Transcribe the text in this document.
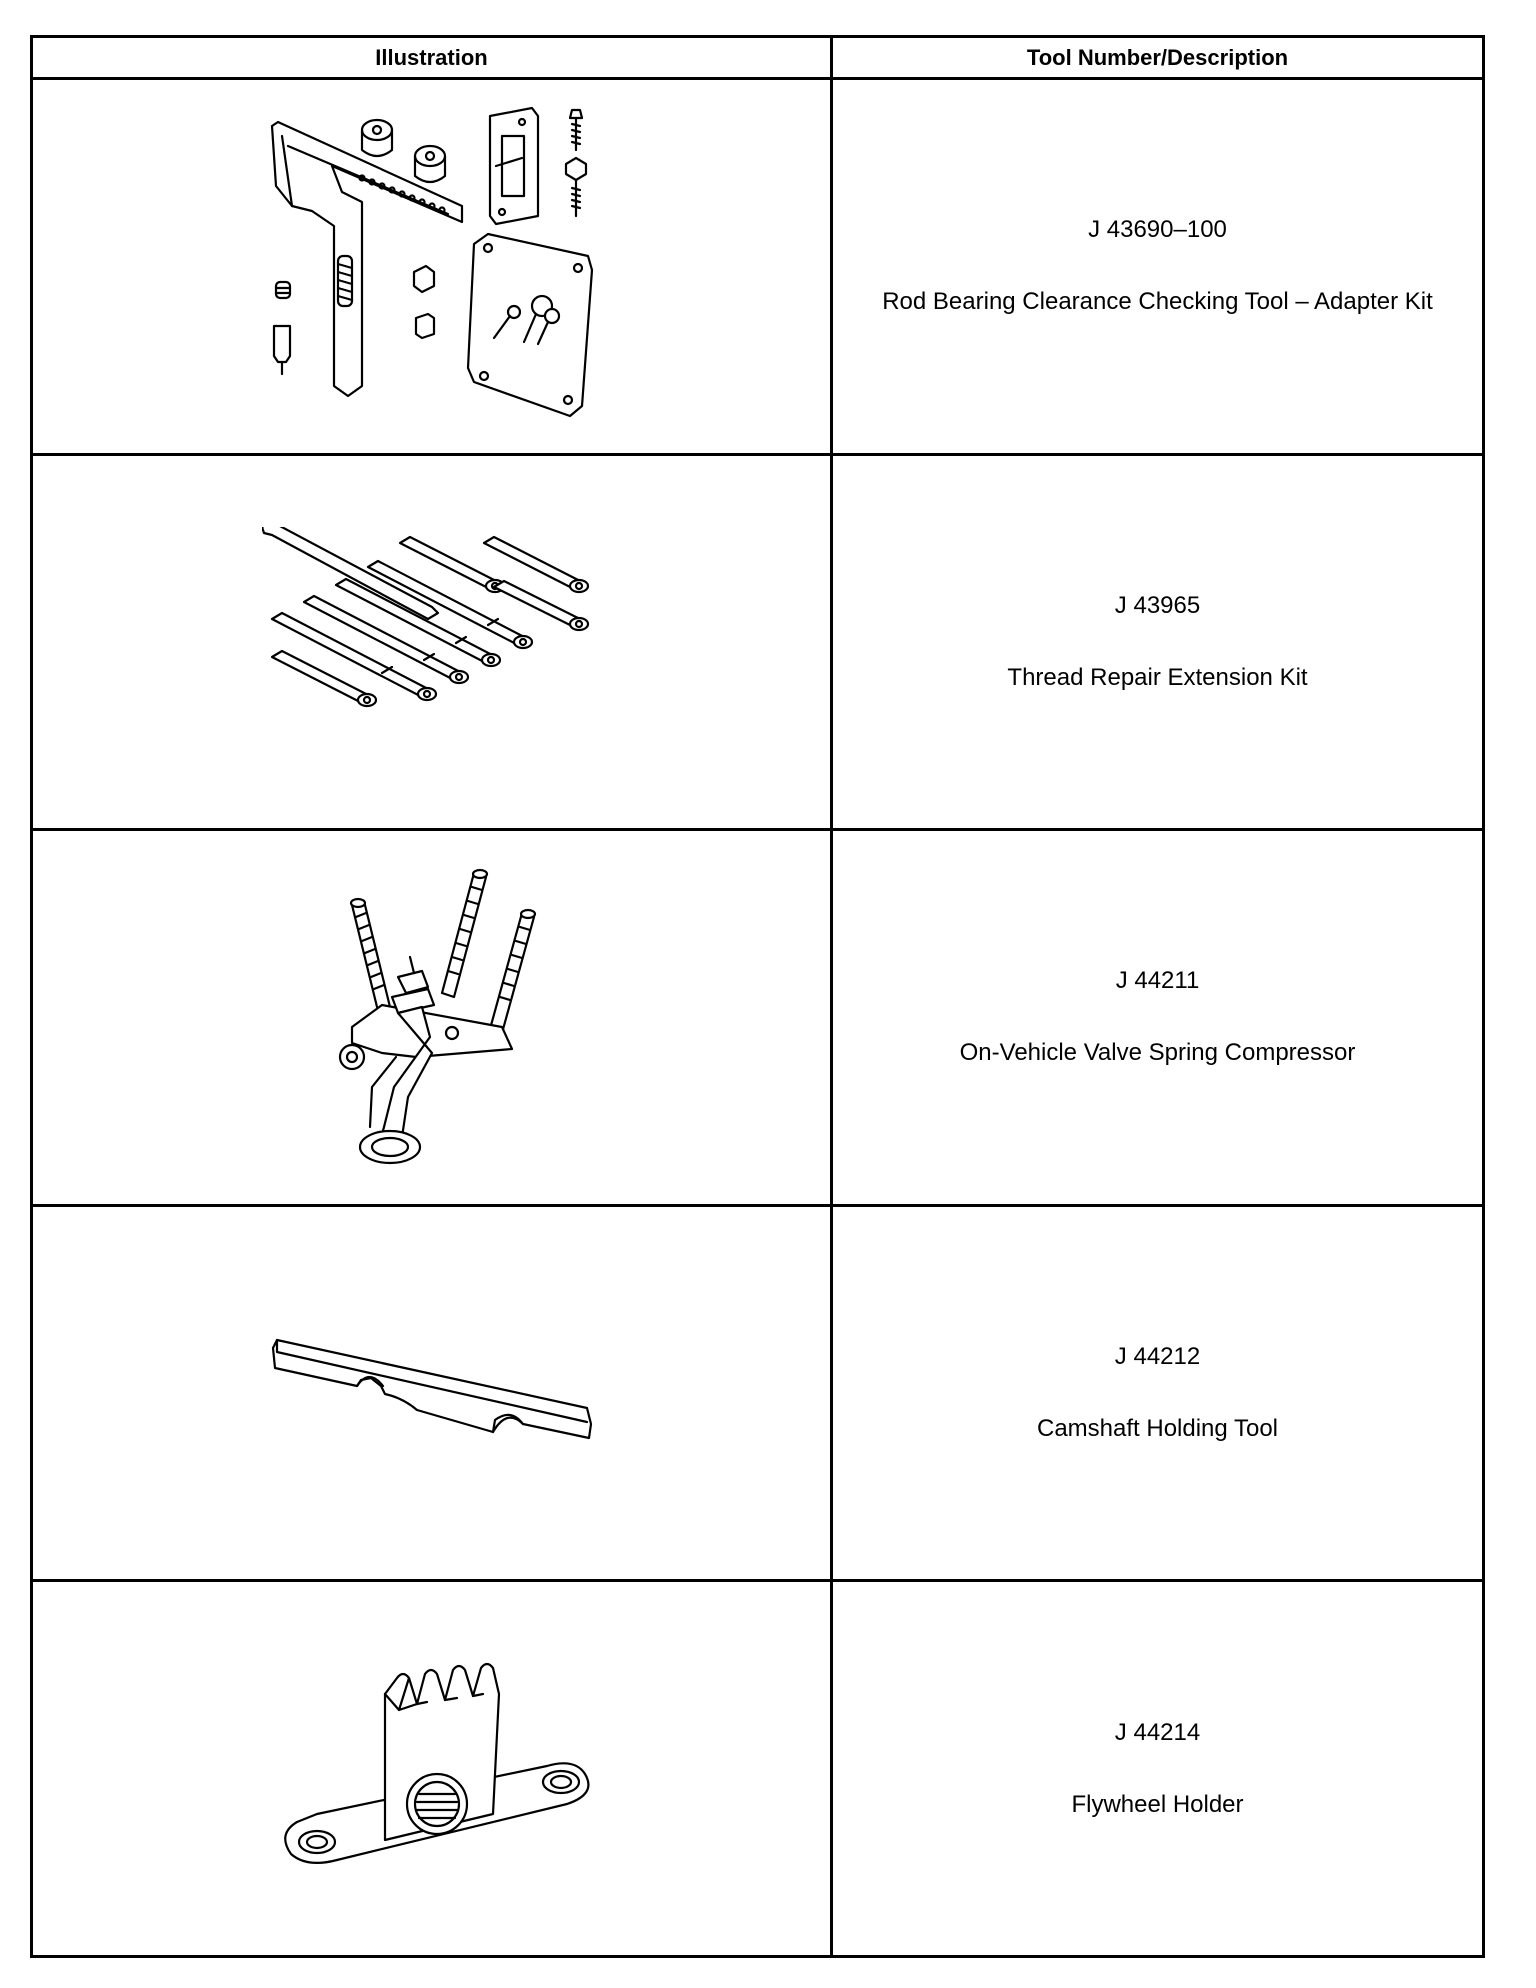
Illustration	Tool Number/Description

J 43690–100
Rod Bearing Clearance Checking Tool – Adapter Kit

J 43965
Thread Repair Extension Kit

J 44211
On-Vehicle Valve Spring Compressor

J 44212
Camshaft Holding Tool

J 44214
Flywheel Holder
